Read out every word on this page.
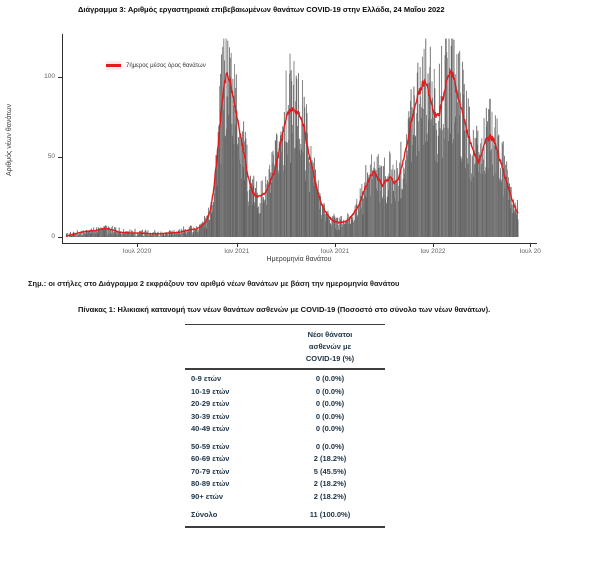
Διάγραμμα 3: Αριθμός εργαστηριακά επιβεβαιωμένων θανάτων COVID-19 στην Ελλάδα, 24 Μαΐου 2022
Αριθμός νέων θανάτων
0
50
100
Ιουλ 2020	Ιαν 2021	Ιουλ 2021	Ιαν 2022	Ιουλ 20
7ήμερος μέσος όρος θανάτων
Ημερομηνία θανάτου
Σημ.: οι στήλες στο Διάγραμμα 2 εκφράζουν τον αριθμό νέων θανάτων με βάση την ημερομηνία θανάτου
Πίνακας 1: Ηλικιακή κατανομή των νέων θανάτων ασθενών με COVID-19 (Ποσοστό στο σύνολο των νέων θανάτων).
Νέοι θάνατοι
ασθενών με
COVID-19 (%)
0-9 ετών	0 (0.0%)
10-19 ετών	0 (0.0%)
20-29 ετών	0 (0.0%)
30-39 ετών	0 (0.0%)
40-49 ετών	0 (0.0%)
50-59 ετών	0 (0.0%)
60-69 ετών	2 (18.2%)
70-79 ετών	5 (45.5%)
80-89 ετών	2 (18.2%)
90+ ετών	2 (18.2%)
Σύνολο	11 (100.0%)
